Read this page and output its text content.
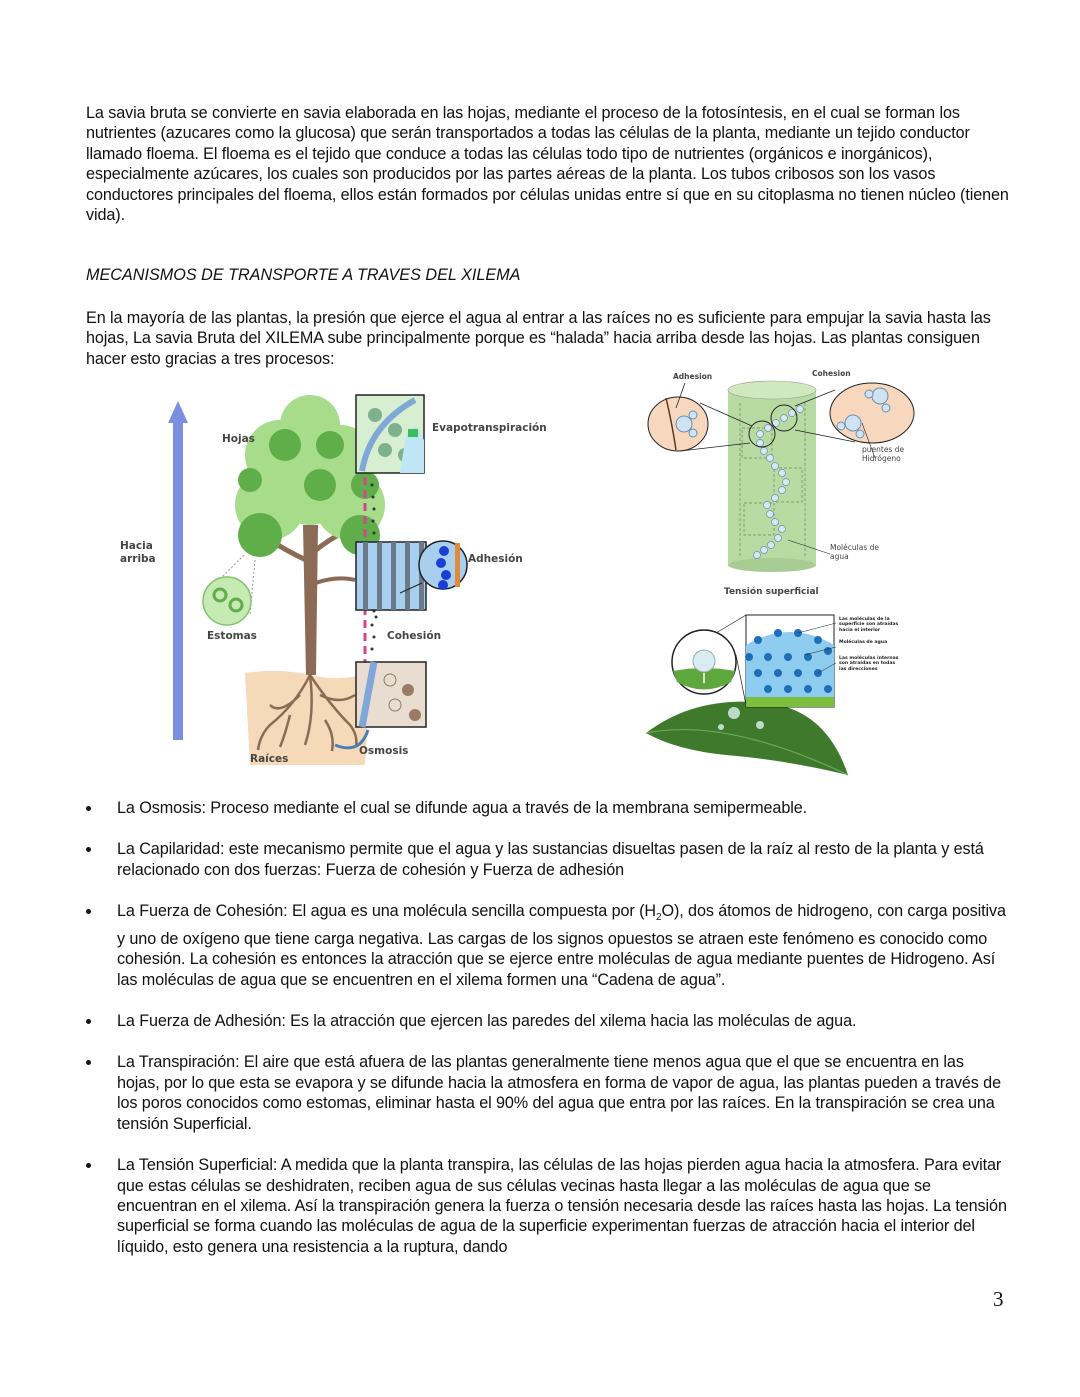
La savia bruta se convierte en savia elaborada en las hojas, mediante el proceso de la fotosíntesis, en el cual se forman los nutrientes (azucares como la glucosa) que serán transportados a todas las células de la planta, mediante un tejido conductor llamado floema. El floema es el tejido que conduce a todas las células todo tipo de nutrientes (orgánicos e inorgánicos), especialmente azúcares, los cuales son producidos por las partes aéreas de la planta. Los tubos cribosos son los vasos conductores principales del floema, ellos están formados por células unidas entre sí que en su citoplasma no tienen núcleo (tienen vida).

MECANISMOS DE TRANSPORTE A TRAVES DEL XILEMA

En la mayoría de las plantas, la presión que ejerce el agua al entrar a las raíces no es suficiente para empujar la savia hasta las hojas, La savia Bruta del XILEMA sube principalmente porque es “halada” hacia arriba desde las hojas. Las plantas consiguen hacer esto gracias a tres procesos:

Hojas
Hacia arriba
Estomas
Raíces
Evapotranspiración
Adhesión
Cohesión
Osmosis
Adhesion	Cohesion
puentes de Hidrógeno
Moléculas de agua
Tensión superficial
Las moléculas de la superficie son atraídas hacia el interior
Moléculas de agua
Las moléculas internas son atraídas en todas las direcciones
La Osmosis: Proceso mediante el cual se difunde agua a través de la membrana semipermeable.
La Capilaridad: este mecanismo permite que el agua y las sustancias disueltas pasen de la raíz al resto de la planta y está relacionado con dos fuerzas: Fuerza de cohesión y Fuerza de adhesión
La Fuerza de Cohesión: El agua es una molécula sencilla compuesta por $(H_2O)$, dos átomos de hidrogeno, con carga positiva y uno de oxígeno que tiene carga negativa. Las cargas de los signos opuestos se atraen este fenómeno es conocido como cohesión. La cohesión es entonces la atracción que se ejerce entre moléculas de agua mediante puentes de Hidrogeno. Así las moléculas de agua que se encuentren en el xilema formen una “Cadena de agua”.
La Fuerza de Adhesión: Es la atracción que ejercen las paredes del xilema hacia las moléculas de agua.
La Transpiración: El aire que está afuera de las plantas generalmente tiene menos agua que el que se encuentra en las hojas, por lo que esta se evapora y se difunde hacia la atmosfera en forma de vapor de agua, las plantas pueden a través de los poros conocidos como estomas, eliminar hasta el 90% del agua que entra por las raíces. En la transpiración se crea una tensión Superficial.
La Tensión Superficial: A medida que la planta transpira, las células de las hojas pierden agua hacia la atmosfera. Para evitar que estas células se deshidraten, reciben agua de sus células vecinas hasta llegar a las moléculas de agua que se encuentran en el xilema. Así la transpiración genera la fuerza o tensión necesaria desde las raíces hasta las hojas. La tensión superficial se forma cuando las moléculas de agua de la superficie experimentan fuerzas de atracción hacia el interior del líquido, esto genera una resistencia a la ruptura, dando
3
